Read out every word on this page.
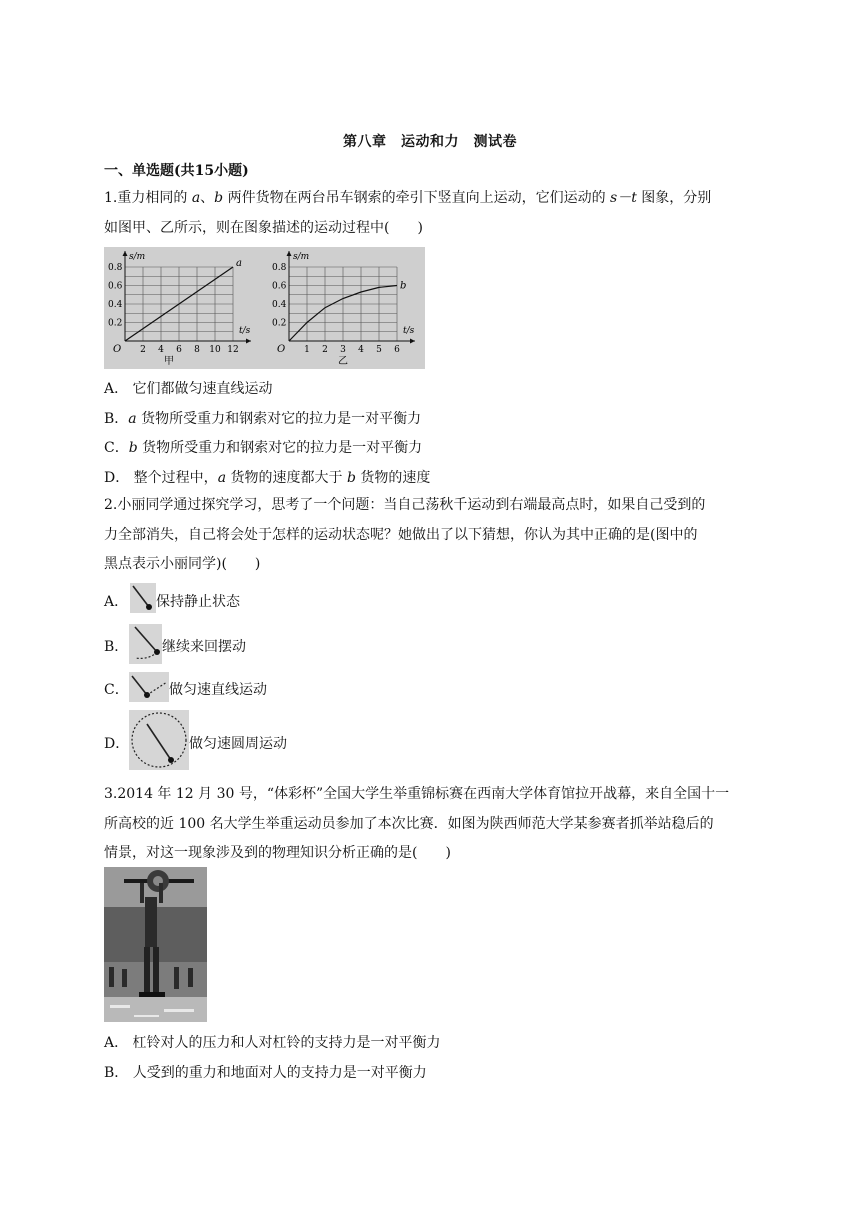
第八章　运动和力　测试卷
一、单选题(共15小题)
1.重力相同的 a、b 两件货物在两台吊车钢索的牵引下竖直向上运动，它们运动的 s－t 图象，分别
如图甲、乙所示，则在图象描述的运动过程中(　　)
s/m
t/s
O
0.8
0.6
0.4
0.2
2 4 6 8 10 12
甲
a
s/m
t/s
O
0.8
0.6
0.4
0.2
1 2 3 4 5 6
乙
b
A． 它们都做匀速直线运动
B．a 货物所受重力和钢索对它的拉力是一对平衡力
C．b 货物所受重力和钢索对它的拉力是一对平衡力
D． 整个过程中，a 货物的速度都大于 b 货物的速度
2.小丽同学通过探究学习，思考了一个问题：当自己荡秋千运动到右端最高点时，如果自己受到的
力全部消失，自己将会处于怎样的运动状态呢？她做出了以下猜想，你认为其中正确的是(图中的
黑点表示小丽同学)(　　)
A． 保持静止状态
B． 继续来回摆动
C．	做匀速直线运动
D．	做匀速圆周运动
3.2014 年 12 月 30 号，“体彩杯”全国大学生举重锦标赛在西南大学体育馆拉开战幕，来自全国十一
所高校的近 100 名大学生举重运动员参加了本次比赛．如图为陕西师范大学某参赛者抓举站稳后的
情景，对这一现象涉及到的物理知识分析正确的是(　　)
A． 杠铃对人的压力和人对杠铃的支持力是一对平衡力
B． 人受到的重力和地面对人的支持力是一对平衡力
